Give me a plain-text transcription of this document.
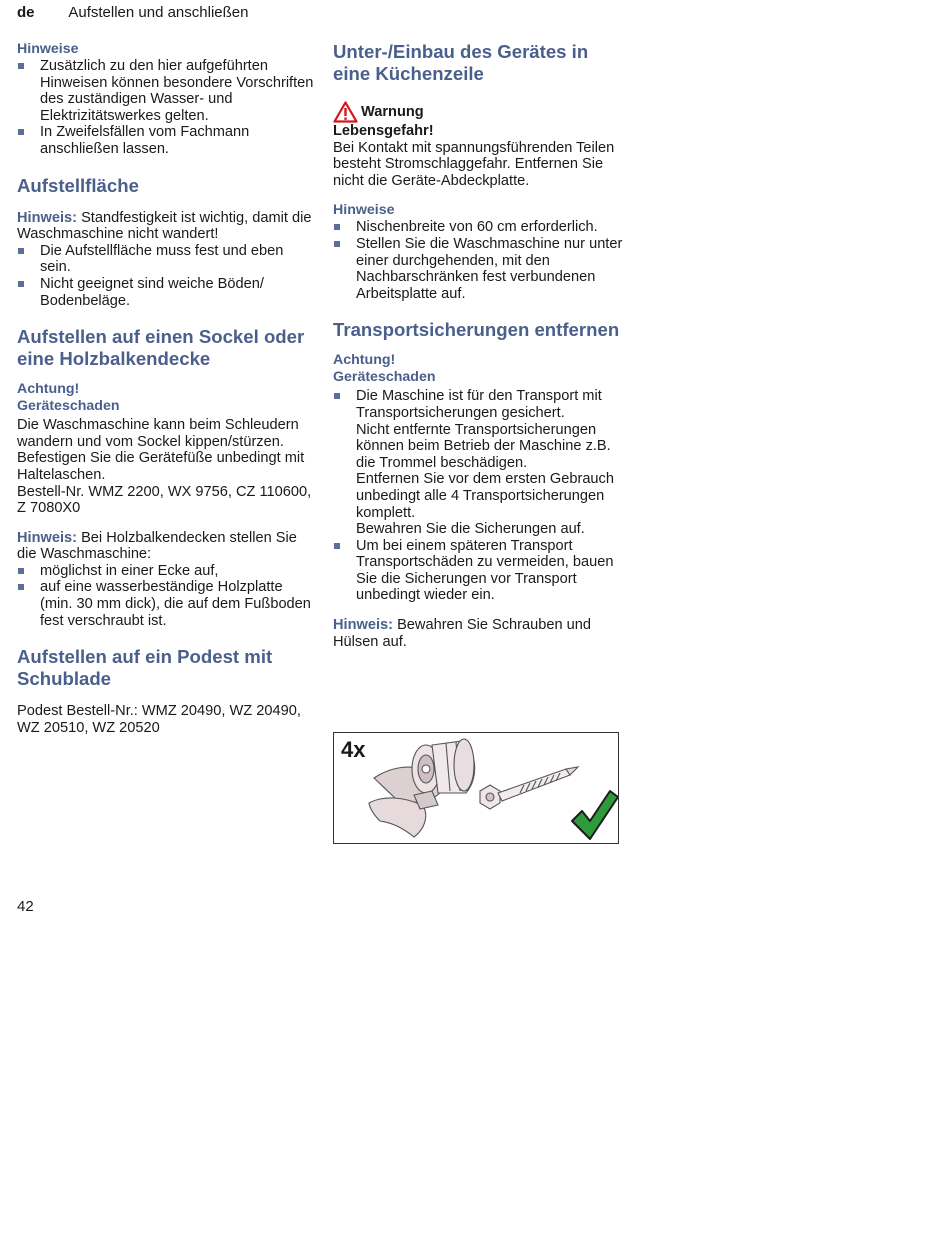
de Aufstellen und anschließen
Hinweise
Zusätzlich zu den hier aufgeführten Hinweisen können besondere Vorschriften des zuständigen Wasser- und Elektrizitätswerkes gelten.
In Zweifelsfällen vom Fachmann anschließen lassen.
Aufstellfläche

Hinweis: Standfestigkeit ist wichtig, damit die Waschmaschine nicht wandert!

Die Aufstellfläche muss fest und eben sein.
Nicht geeignet sind weiche Böden/ Bodenbeläge.
Aufstellen auf einen Sockel oder eine Holzbalkendecke
Achtung!
Geräteschaden

Die Waschmaschine kann beim Schleudern wandern und vom Sockel kippen/stürzen.

Befestigen Sie die Gerätefüße unbedingt mit Haltelaschen.

Bestell-Nr. WMZ 2200, WX 9756, CZ 110600, Z 7080X0

Hinweis: Bei Holzbalkendecken stellen Sie die Waschmaschine:

möglichst in einer Ecke auf,
auf eine wasserbeständige Holzplatte (min. 30 mm dick), die auf dem Fußboden fest verschraubt ist.
Aufstellen auf ein Podest mit Schublade

Podest Bestell-Nr.: WMZ 20490, WZ 20490, WZ 20510, WZ 20520

Unter-/Einbau des Gerätes in eine Küchenzeile
Warnung
Lebensgefahr!

Bei Kontakt mit spannungsführenden Teilen besteht Stromschlaggefahr. Entfernen Sie nicht die Geräte-Abdeckplatte.

Hinweise
Nischenbreite von 60 cm erforderlich.
Stellen Sie die Waschmaschine nur unter einer durchgehenden, mit den Nachbarschränken fest verbundenen Arbeitsplatte auf.
Transportsicherungen entfernen
Achtung!
Geräteschaden
Die Maschine ist für den Transport mit Transportsicherungen gesichert.
Nicht entfernte Transportsicherungen können beim Betrieb der Maschine z.B. die Trommel beschädigen.
Entfernen Sie vor dem ersten Gebrauch unbedingt alle 4 Transportsicherungen komplett.
Bewahren Sie die Sicherungen auf.
Um bei einem späteren Transport Transportschäden zu vermeiden, bauen Sie die Sicherungen vor Transport unbedingt wieder ein.

Hinweis: Bewahren Sie Schrauben und Hülsen auf.

4x
42
